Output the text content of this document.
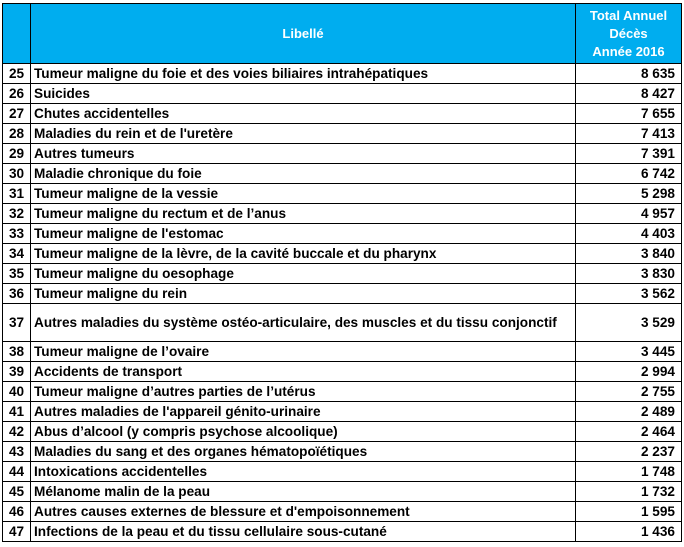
	Libellé	Total Annuel
Décès
Année 2016

25	Tumeur maligne du foie et des voies biliaires intrahépatiques	8 635
26	Suicides	8 427
27	Chutes accidentelles	7 655
28	Maladies du rein et de l'uretère	7 413
29	Autres tumeurs	7 391
30	Maladie chronique du foie	6 742
31	Tumeur maligne de la vessie	5 298
32	Tumeur maligne du rectum et de l’anus	4 957
33	Tumeur maligne de l'estomac	4 403
34	Tumeur maligne de la lèvre, de la cavité buccale et du pharynx	3 840
35	Tumeur maligne du oesophage	3 830
36	Tumeur maligne du rein	3 562
37	Autres maladies du système ostéo-articulaire, des muscles et du tissu conjonctif	3 529
38	Tumeur maligne de l’ovaire	3 445
39	Accidents de transport	2 994
40	Tumeur maligne d’autres parties de l’utérus	2 755
41	Autres maladies de l'appareil génito-urinaire	2 489
42	Abus d’alcool (y compris psychose alcoolique)	2 464
43	Maladies du sang et des organes hématopoïétiques	2 237
44	Intoxications accidentelles	1 748
45	Mélanome malin de la peau	1 732
46	Autres causes externes de blessure et d'empoisonnement	1 595
47	Infections de la peau et du tissu cellulaire sous-cutané	1 436
